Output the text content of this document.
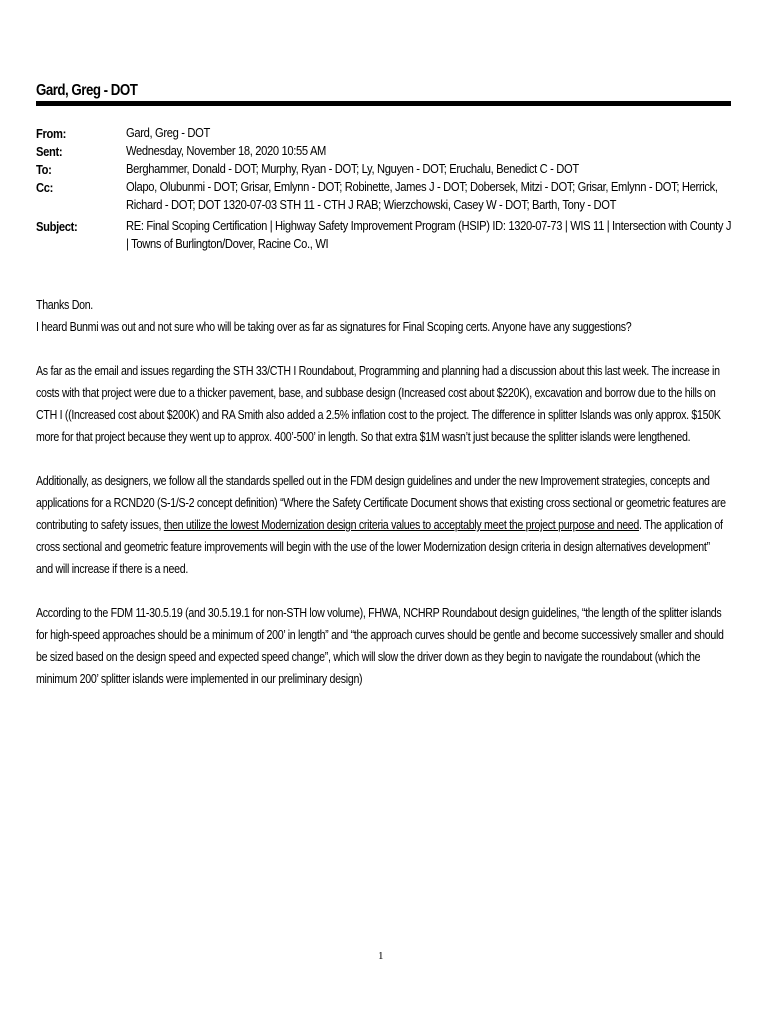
Gard, Greg - DOT
From:	Gard, Greg - DOT
Sent:	Wednesday, November 18, 2020 10:55 AM
To:	Berghammer, Donald - DOT; Murphy, Ryan - DOT; Ly, Nguyen - DOT; Eruchalu, Benedict C - DOT
Cc:	Olapo, Olubunmi - DOT; Grisar, Emlynn - DOT; Robinette, James J - DOT; Dobersek, Mitzi - DOT; Grisar, Emlynn - DOT; Herrick, Richard - DOT; DOT 1320-07-03 STH 11 - CTH J RAB; Wierzchowski, Casey W - DOT; Barth, Tony - DOT
Subject:	RE: Final Scoping Certification | Highway Safety Improvement Program (HSIP) ID: 1320-07-73 | WIS 11 | Intersection with County J | Towns of Burlington/Dover, Racine Co., WI

Thanks Don.
I heard Bunmi was out and not sure who will be taking over as far as signatures for Final Scoping certs. Anyone have any suggestions?

As far as the email and issues regarding the STH 33/CTH I Roundabout, Programming and planning had a discussion about this last week. The increase in costs with that project were due to a thicker pavement, base, and subbase design (Increased cost about $220K), excavation and borrow due to the hills on CTH I ((Increased cost about $200K) and RA Smith also added a 2.5% inflation cost to the project. The difference in splitter Islands was only approx. $150K more for that project because they went up to approx. 400’-500’ in length. So that extra $1M wasn’t just because the splitter islands were lengthened.

Additionally, as designers, we follow all the standards spelled out in the FDM design guidelines and under the new Improvement strategies, concepts and applications for a RCND20 (S-1/S-2 concept definition) “Where the Safety Certificate Document shows that existing cross sectional or geometric features are contributing to safety issues, then utilize the lowest Modernization design criteria values to acceptably meet the project purpose and need. The application of cross sectional and geometric feature improvements will begin with the use of the lower Modernization design criteria in design alternatives development” and will increase if there is a need.

According to the FDM 11-30.5.19 (and 30.5.19.1 for non-STH low volume), FHWA, NCHRP Roundabout design guidelines, “the length of the splitter islands for high-speed approaches should be a minimum of 200’ in length” and “the approach curves should be gentle and become successively smaller and should be sized based on the design speed and expected speed change”, which will slow the driver down as they begin to navigate the roundabout (which the minimum 200’ splitter islands were implemented in our preliminary design)

1
